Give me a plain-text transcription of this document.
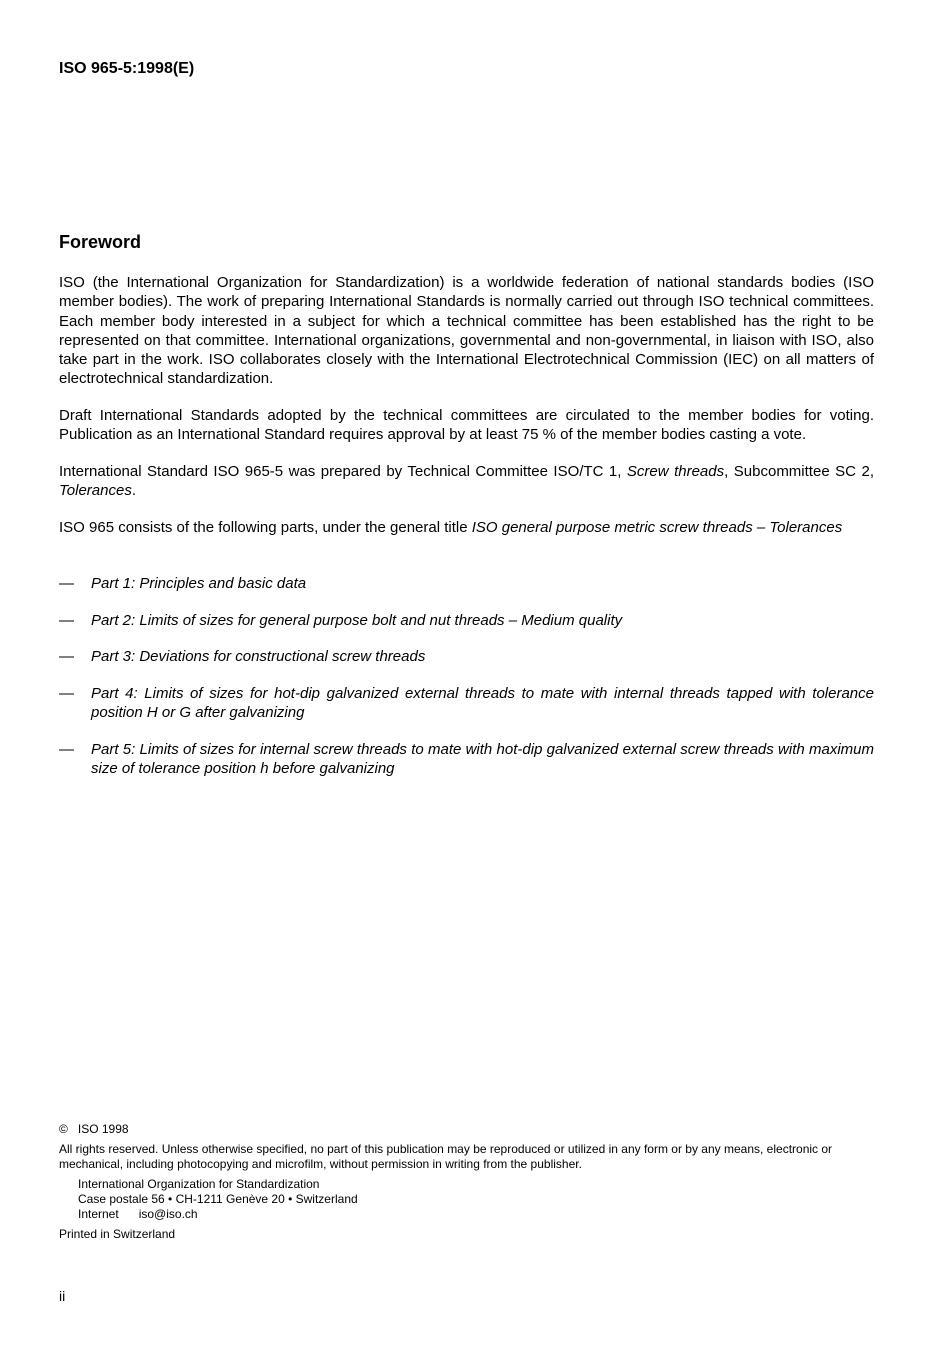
ISO 965-5:1998(E)
Foreword
ISO (the International Organization for Standardization) is a worldwide federation of national standards bodies (ISO member bodies). The work of preparing International Standards is normally carried out through ISO technical committees. Each member body interested in a subject for which a technical committee has been established has the right to be represented on that committee. International organizations, governmental and non-governmental, in liaison with ISO, also take part in the work. ISO collaborates closely with the International Electrotechnical Commission (IEC) on all matters of electrotechnical standardization.
Draft International Standards adopted by the technical committees are circulated to the member bodies for voting. Publication as an International Standard requires approval by at least 75 % of the member bodies casting a vote.
International Standard ISO 965-5 was prepared by Technical Committee ISO/TC 1, Screw threads, Subcommittee SC 2, Tolerances.
ISO 965 consists of the following parts, under the general title ISO general purpose metric screw threads – Tolerances
—	Part 1: Principles and basic data
—	Part 2: Limits of sizes for general purpose bolt and nut threads – Medium quality
—	Part 3: Deviations for constructional screw threads
—	Part 4: Limits of sizes for hot-dip galvanized external threads to mate with internal threads tapped with tolerance position H or G after galvanizing
—	Part 5: Limits of sizes for internal screw threads to mate with hot-dip galvanized external screw threads with maximum size of tolerance position h before galvanizing
© ISO 1998
All rights reserved. Unless otherwise specified, no part of this publication may be reproduced or utilized in any form or by any means, electronic or mechanical, including photocopying and microfilm, without permission in writing from the publisher.
International Organization for Standardization
Case postale 56 • CH-1211 Genève 20 • Switzerland
Internet iso@iso.ch
Printed in Switzerland
ii
